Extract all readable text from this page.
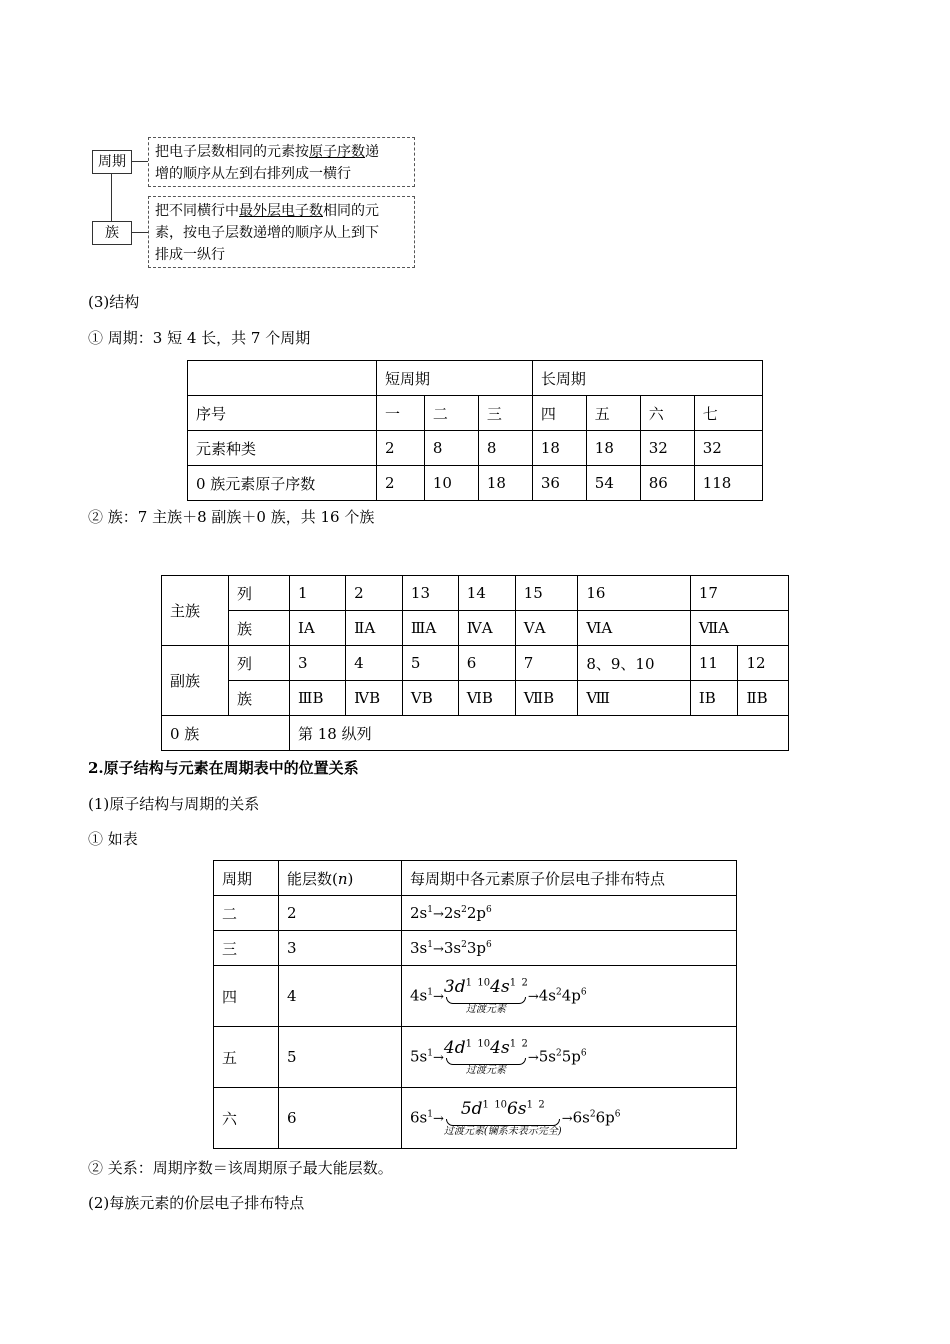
周期
族
把电子层数相同的元素按原子序数递
增的顺序从左到右排列成一横行
把不同横行中最外层电子数相同的元
素，按电子层数递增的顺序从上到下
排成一纵行
(3)结构
① 周期：3 短 4 长，共 7 个周期
	短周期			长周期			
序号	一	二	三	四	五	六	七
元素种类	2	8	8	18	18	32	32
0 族元素原子序数	2	10	18	36	54	86	118
② 族：7 主族＋8 副族＋0 族，共 16 个族
主族	列	1	2	13	14	15	16	17	
	族	ⅠA	ⅡA	ⅢA	ⅣA	ⅤA	ⅥA	ⅦA	
副族	列	3	4	5	6	7	8、9、10	11	12
	族	ⅢB	ⅣB	ⅤB	ⅥB	ⅦB	Ⅷ	ⅠB	ⅡB
0 族		第 18 纵列							
2.原子结构与元素在周期表中的位置关系
(1)原子结构与周期的关系
① 如表
周期	能层数(n)	每周期中各元素原子价层电子排布特点
二	2	$2s^1\to 2s^22p^6$
三	3	$3s^1\to 3s^23p^6$
四	4	$4s^1\to 3d^1$ $^{10}4s^1$ $^2$
过渡元素
$\to 4s^24p^6$
五	5	$5s^1\to 4d^1$ $^{10}4s^1$ $^2$
过渡元素
$\to 5s^25p^6$
六	6	$6s^1\to 5d^1$ $^{10}6s^1$ $^2$
过渡元素(镧系未表示完全)
$\to 6s^26p^6$
② 关系：周期序数＝该周期原子最大能层数。
(2)每族元素的价层电子排布特点
